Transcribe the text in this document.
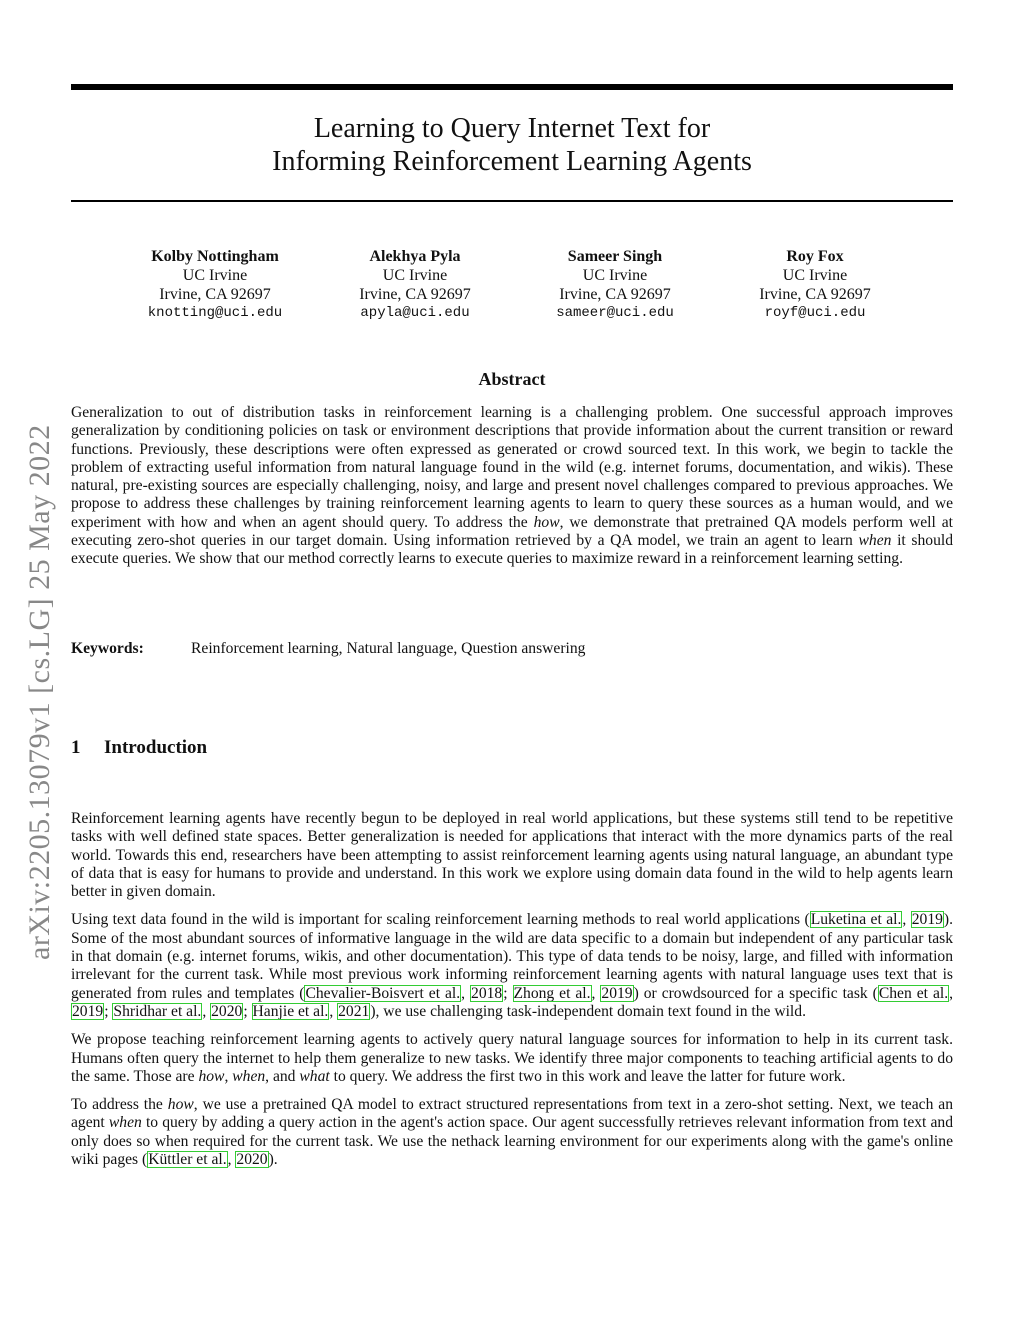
arXiv:2205.13079v1 [cs.LG] 25 May 2022
Learning to Query Internet Text for
Informing Reinforcement Learning Agents
Kolby Nottingham
UC Irvine
Irvine, CA 92697
knotting@uci.edu
Alekhya Pyla
UC Irvine
Irvine, CA 92697
apyla@uci.edu
Sameer Singh
UC Irvine
Irvine, CA 92697
sameer@uci.edu
Roy Fox
UC Irvine
Irvine, CA 92697
royf@uci.edu
Abstract
Generalization to out of distribution tasks in reinforcement learning is a challenging problem. One successful approach improves generalization by conditioning policies on task or environment descriptions that provide information about the current transition or reward functions. Previously, these descriptions were often expressed as generated or crowd sourced text. In this work, we begin to tackle the problem of extracting useful information from natural language found in the wild (e.g. internet forums, documentation, and wikis). These natural, pre-existing sources are especially challenging, noisy, and large and present novel challenges compared to previous approaches. We propose to address these challenges by training reinforcement learning agents to learn to query these sources as a human would, and we experiment with how and when an agent should query. To address the how, we demonstrate that pretrained QA models perform well at executing zero-shot queries in our target domain. Using information retrieved by a QA model, we train an agent to learn when it should execute queries. We show that our method correctly learns to execute queries to maximize reward in a reinforcement learning setting.
Keywords:	Reinforcement learning, Natural language, Question answering
1 Introduction

Reinforcement learning agents have recently begun to be deployed in real world applications, but these systems still tend to be repetitive tasks with well defined state spaces. Better generalization is needed for applications that interact with the more dynamics parts of the real world. Towards this end, researchers have been attempting to assist reinforcement learning agents using natural language, an abundant type of data that is easy for humans to provide and understand. In this work we explore using domain data found in the wild to help agents learn better in given domain.

Using text data found in the wild is important for scaling reinforcement learning methods to real world applications (Luketina et al., 2019). Some of the most abundant sources of informative language in the wild are data specific to a domain but independent of any particular task in that domain (e.g. internet forums, wikis, and other documentation). This type of data tends to be noisy, large, and filled with information irrelevant for the current task. While most previous work informing reinforcement learning agents with natural language uses text that is generated from rules and templates (Chevalier-Boisvert et al., 2018; Zhong et al., 2019) or crowdsourced for a specific task (Chen et al., 2019; Shridhar et al., 2020; Hanjie et al., 2021), we use challenging task-independent domain text found in the wild.

We propose teaching reinforcement learning agents to actively query natural language sources for information to help in its current task. Humans often query the internet to help them generalize to new tasks. We identify three major components to teaching artificial agents to do the same. Those are how, when, and what to query. We address the first two in this work and leave the latter for future work.

To address the how, we use a pretrained QA model to extract structured representations from text in a zero-shot setting. Next, we teach an agent when to query by adding a query action in the agent's action space. Our agent successfully retrieves relevant information from text and only does so when required for the current task. We use the nethack learning environment for our experiments along with the game's online wiki pages (Küttler et al., 2020).
